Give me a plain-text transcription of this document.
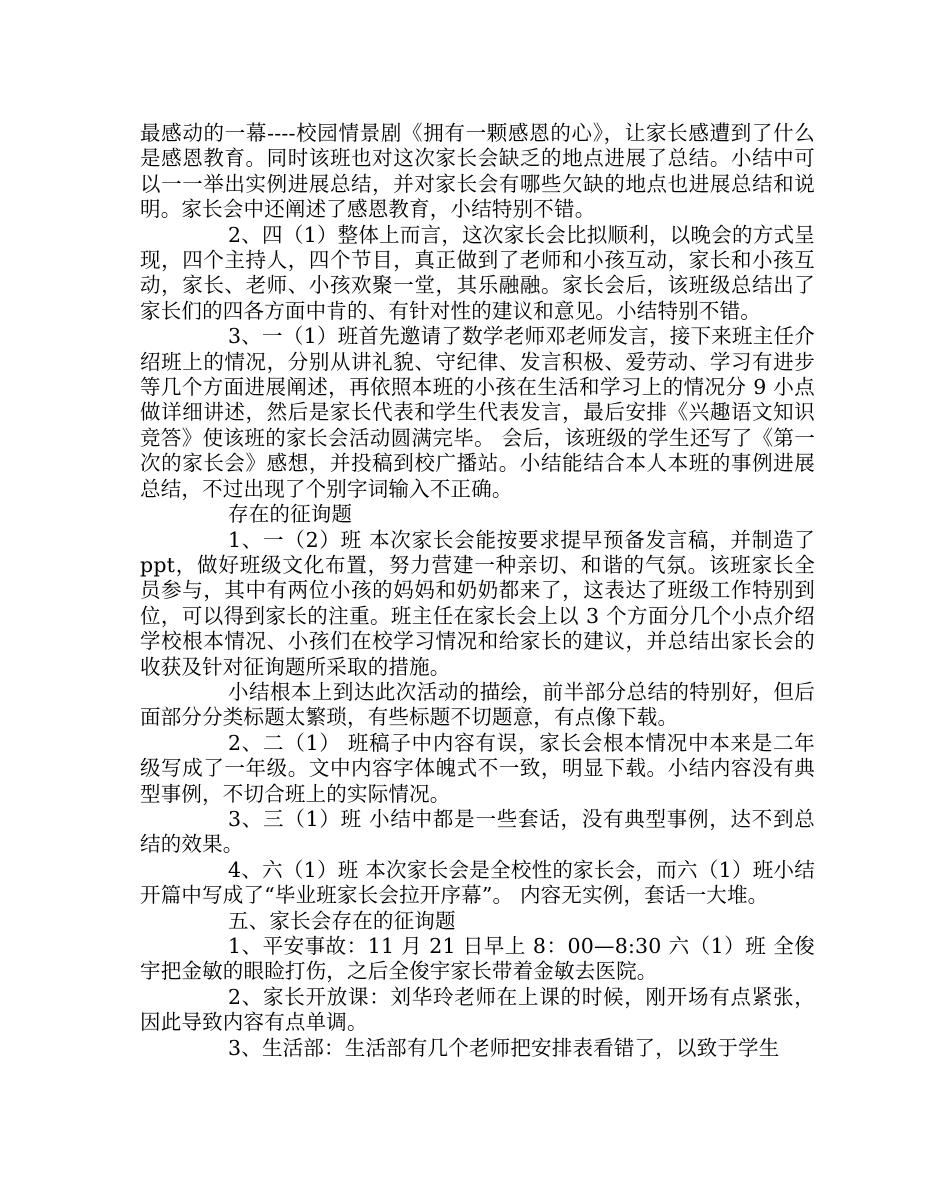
最感动的一幕----校园情景剧《拥有一颗感恩的心》，让家长感遭到了什么是感恩教育。同时该班也对这次家长会缺乏的地点进展了总结。小结中可以一一举出实例进展总结，并对家长会有哪些欠缺的地点也进展总结和说明。家长会中还阐述了感恩教育，小结特别不错。

2、四（1）整体上而言，这次家长会比拟顺利，以晚会的方式呈现，四个主持人，四个节目，真正做到了老师和小孩互动，家长和小孩互动，家长、老师、小孩欢聚一堂，其乐融融。家长会后，该班级总结出了家长们的四各方面中肯的、有针对性的建议和意见。小结特别不错。

3、一（1）班首先邀请了数学老师邓老师发言，接下来班主任介绍班上的情况，分别从讲礼貌、守纪律、发言积极、爱劳动、学习有进步等几个方面进展阐述，再依照本班的小孩在生活和学习上的情况分 9 小点做详细讲述，然后是家长代表和学生代表发言，最后安排《兴趣语文知识竞答》使该班的家长会活动圆满完毕。 会后，该班级的学生还写了《第一次的家长会》感想，并投稿到校广播站。小结能结合本人本班的事例进展总结，不过出现了个别字词输入不正确。

存在的征询题

1、一（2）班 本次家长会能按要求提早预备发言稿，并制造了 ppt，做好班级文化布置，努力营建一种亲切、和谐的气氛。该班家长全员参与，其中有两位小孩的妈妈和奶奶都来了，这表达了班级工作特别到位，可以得到家长的注重。班主任在家长会上以 3 个方面分几个小点介绍学校根本情况、小孩们在校学习情况和给家长的建议，并总结出家长会的收获及针对征询题所采取的措施。

小结根本上到达此次活动的描绘，前半部分总结的特别好，但后面部分分类标题太繁琐，有些标题不切题意，有点像下载。

2、二（1） 班稿子中内容有误，家长会根本情况中本来是二年级写成了一年级。文中内容字体魄式不一致，明显下载。小结内容没有典型事例，不切合班上的实际情况。

3、三（1）班 小结中都是一些套话，没有典型事例，达不到总结的效果。

4、六（1）班 本次家长会是全校性的家长会，而六（1）班小结开篇中写成了“毕业班家长会拉开序幕”。 内容无实例，套话一大堆。

五、家长会存在的征询题

1、平安事故：11 月 21 日早上 8：00—8:30 六（1）班 全俊宇把金敏的眼睑打伤，之后全俊宇家长带着金敏去医院。

2、家长开放课：刘华玲老师在上课的时候，刚开场有点紧张，因此导致内容有点单调。

3、生活部：生活部有几个老师把安排表看错了，以致于学生
